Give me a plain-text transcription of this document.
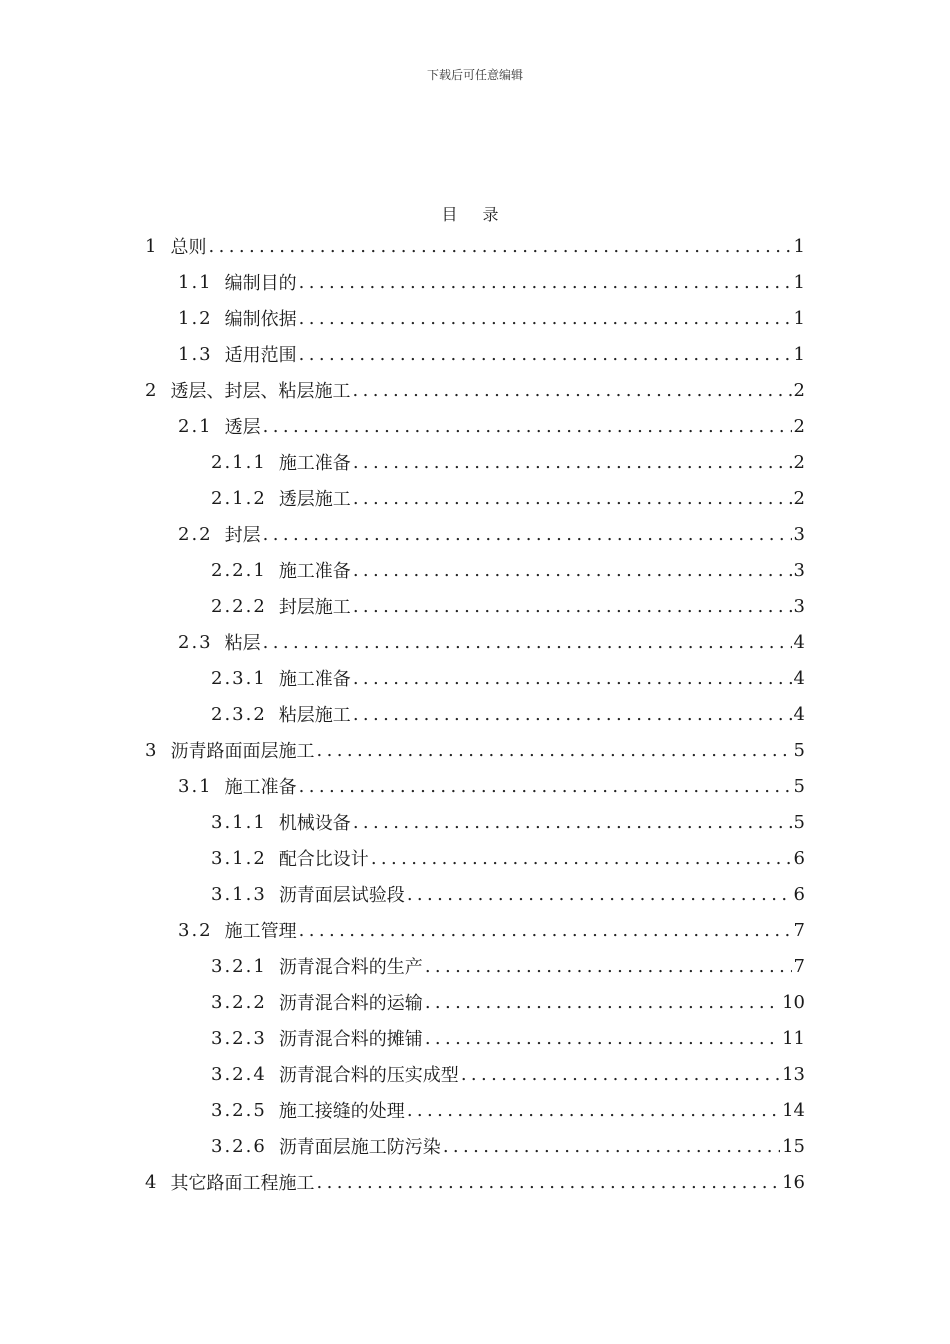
下载后可任意编辑
目 录
1 总则 .....	1
1.1 编制目的 .....	1
1.2 编制依据 .....	1
1.3 适用范围 .....	1
2 透层、封层、粘层施工 .....	2
2.1 透层 .....	2
2.1.1 施工准备 .....	2
2.1.2 透层施工 .....	2
2.2 封层 .....	3
2.2.1 施工准备 .....	3
2.2.2 封层施工 .....	3
2.3 粘层 .....	4
2.3.1 施工准备 .....	4
2.3.2 粘层施工 .....	4
3 沥青路面面层施工 .....	5
3.1 施工准备 .....	5
3.1.1 机械设备 .....	5
3.1.2 配合比设计 .....	6
3.1.3 沥青面层试验段 .....	6
3.2 施工管理 .....	7
3.2.1 沥青混合料的生产 .....	7
3.2.2 沥青混合料的运输 .....	10
3.2.3 沥青混合料的摊铺 .....	11
3.2.4 沥青混合料的压实成型 .....	13
3.2.5 施工接缝的处理 .....	14
3.2.6 沥青面层施工防污染 .....	15
4 其它路面工程施工 .....	16
